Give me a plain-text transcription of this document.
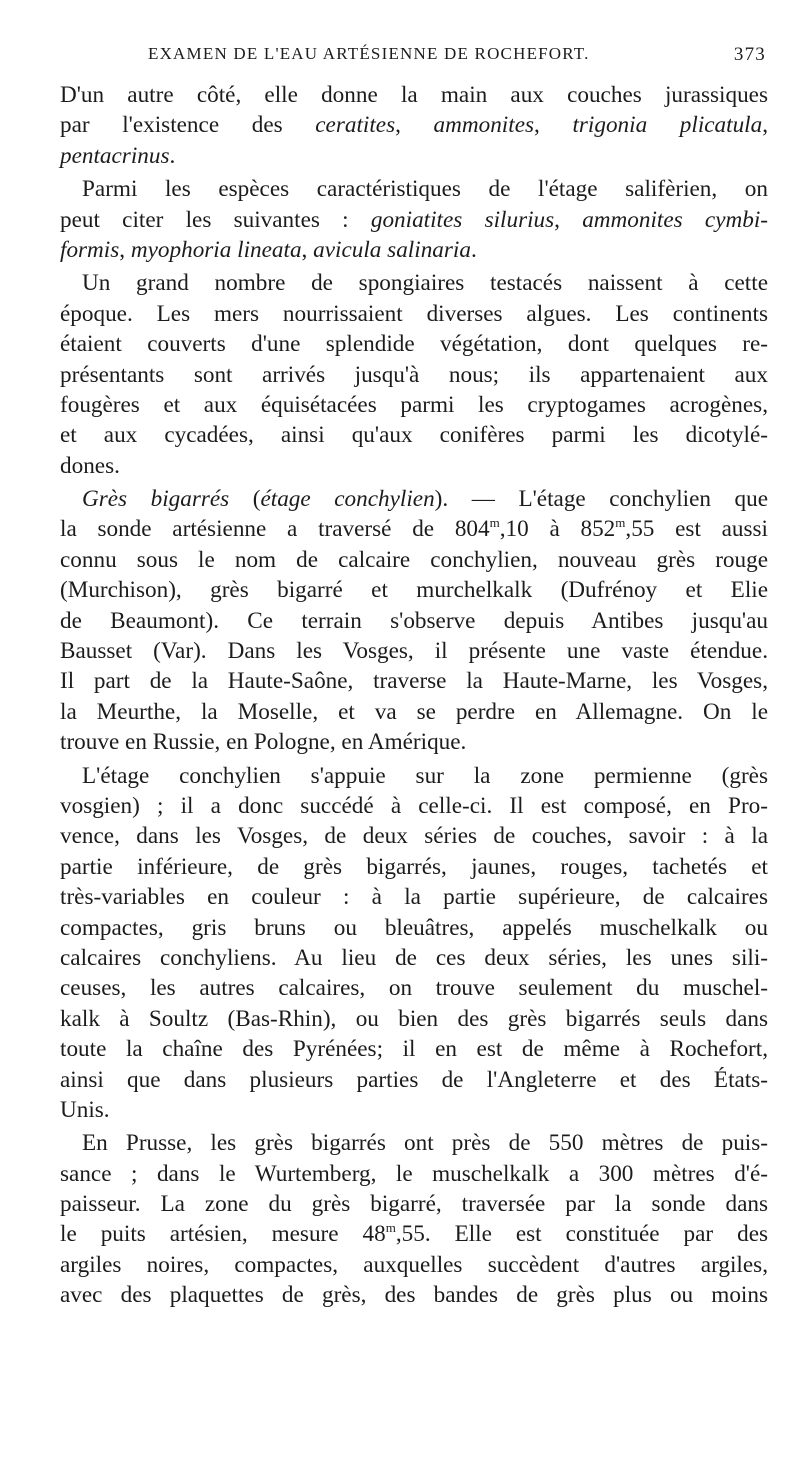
EXAMEN DE L'EAU ARTÉSIENNE DE ROCHEFORT.	373
D'un autre côté, elle donne la main aux couches jurassiques
par l'existence des ceratites, ammonites, trigonia plicatula,
pentacrinus.
Parmi les espèces caractéristiques de l'étage salifèrien, on
peut citer les suivantes : goniatites silurius, ammonites cymbi-
formis, myophoria lineata, avicula salinaria.
Un grand nombre de spongiaires testacés naissent à cette
époque. Les mers nourrissaient diverses algues. Les continents
étaient couverts d'une splendide végétation, dont quelques re-
présentants sont arrivés jusqu'à nous; ils appartenaient aux
fougères et aux équisétacées parmi les cryptogames acrogènes,
et aux cycadées, ainsi qu'aux conifères parmi les dicotylé-
dones.
Grès bigarrés (étage conchylien). — L'étage conchylien que
la sonde artésienne a traversé de 804$^m$,10 à 852$^m$,55 est aussi
connu sous le nom de calcaire conchylien, nouveau grès rouge
(Murchison), grès bigarré et murchelkalk (Dufrénoy et Elie
de Beaumont). Ce terrain s'observe depuis Antibes jusqu'au
Bausset (Var). Dans les Vosges, il présente une vaste étendue.
Il part de la Haute-Saône, traverse la Haute-Marne, les Vosges,
la Meurthe, la Moselle, et va se perdre en Allemagne. On le
trouve en Russie, en Pologne, en Amérique.
L'étage conchylien s'appuie sur la zone permienne (grès
vosgien) ; il a donc succédé à celle-ci. Il est composé, en Pro-
vence, dans les Vosges, de deux séries de couches, savoir : à la
partie inférieure, de grès bigarrés, jaunes, rouges, tachetés et
très-variables en couleur : à la partie supérieure, de calcaires
compactes, gris bruns ou bleuâtres, appelés muschelkalk ou
calcaires conchyliens. Au lieu de ces deux séries, les unes sili-
ceuses, les autres calcaires, on trouve seulement du muschel-
kalk à Soultz (Bas-Rhin), ou bien des grès bigarrés seuls dans
toute la chaîne des Pyrénées; il en est de même à Rochefort,
ainsi que dans plusieurs parties de l'Angleterre et des États-
Unis.
En Prusse, les grès bigarrés ont près de 550 mètres de puis-
sance ; dans le Wurtemberg, le muschelkalk a 300 mètres d'é-
paisseur. La zone du grès bigarré, traversée par la sonde dans
le puits artésien, mesure 48$^m$,55. Elle est constituée par des
argiles noires, compactes, auxquelles succèdent d'autres argiles,
avec des plaquettes de grès, des bandes de grès plus ou moins
